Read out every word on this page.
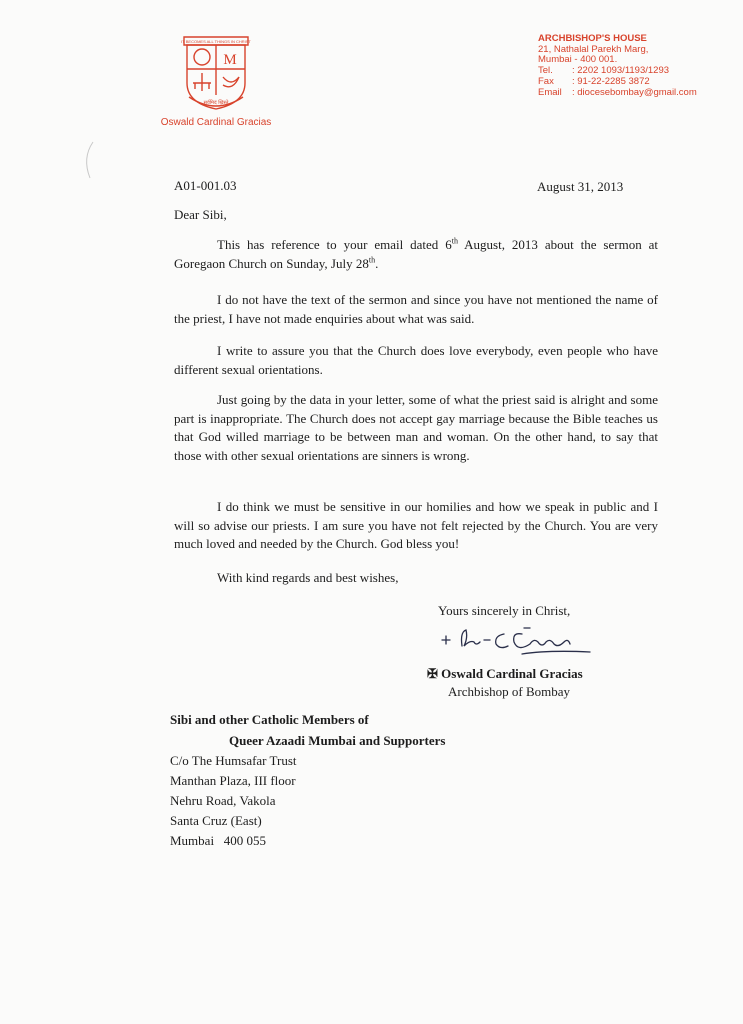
IT BECOMES ALL THINGS IN CHRIST
M
सर्वमिदं ख्रिस्ते
Oswald Cardinal Gracias
ARCHBISHOP'S HOUSE
21, Nathalal Parekh Marg,
Mumbai - 400 001.
Tel. : 2202 1093/1193/1293
Fax : 91-22-2285 3872
Email : diocesebombay@gmail.com
A01-001.03	August 31, 2013
Dear Sibi,

This has reference to your email dated 6th August, 2013 about the sermon at Goregaon Church on Sunday, July 28th.

I do not have the text of the sermon and since you have not mentioned the name of the priest, I have not made enquiries about what was said.

I write to assure you that the Church does love everybody, even people who have different sexual orientations.

Just going by the data in your letter, some of what the priest said is alright and some part is inappropriate. The Church does not accept gay marriage because the Bible teaches us that God willed marriage to be between man and woman. On the other hand, to say that those with other sexual orientations are sinners is wrong.

I do think we must be sensitive in our homilies and how we speak in public and I will so advise our priests. I am sure you have not felt rejected by the Church. You are very much loved and needed by the Church. God bless you!

With kind regards and best wishes,
Yours sincerely in Christ,
✠ Oswald Cardinal Gracias
Archbishop of Bombay
Sibi and other Catholic Members of
Queer Azaadi Mumbai and Supporters
C/o The Humsafar Trust
Manthan Plaza, III floor
Nehru Road, Vakola
Santa Cruz (East)
Mumbai   400 055
